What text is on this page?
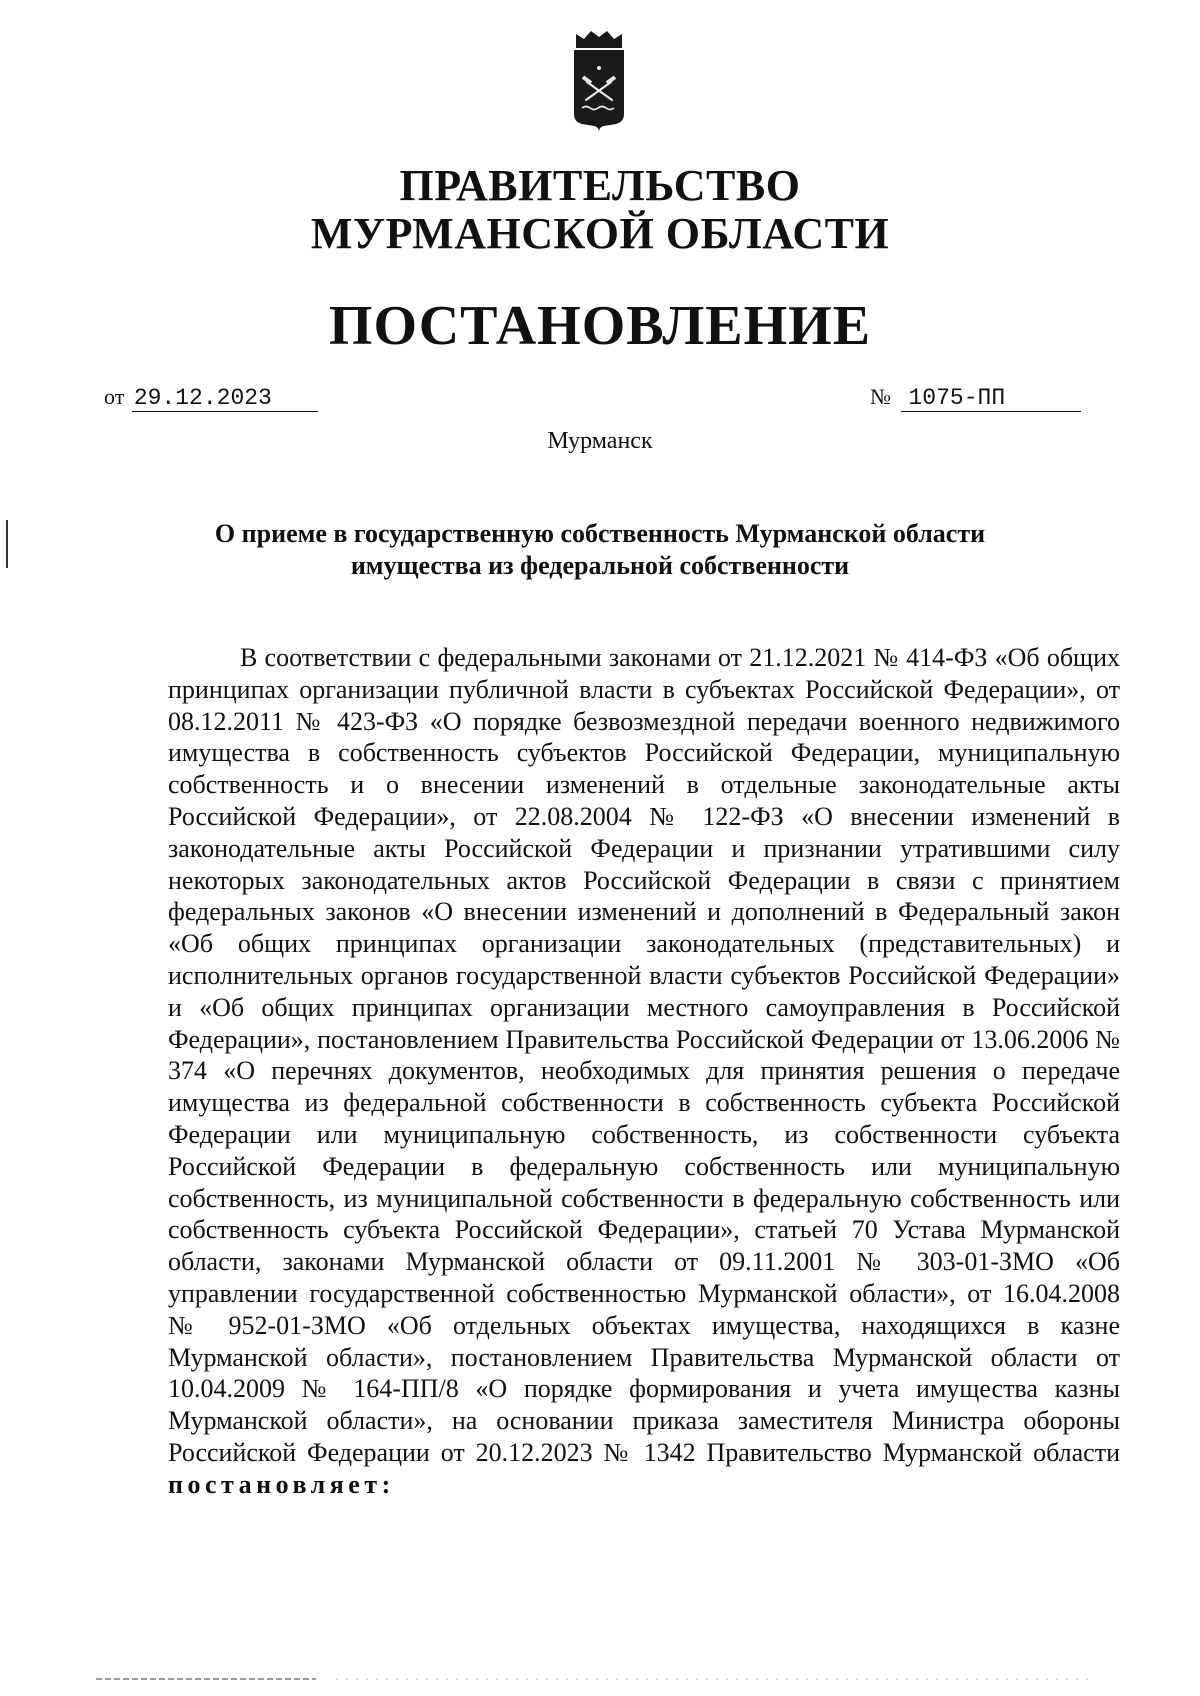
ПРАВИТЕЛЬСТВО
МУРМАНСКОЙ ОБЛАСТИ
ПОСТАНОВЛЕНИЕ
от 29.12.2023	№ 1075-ПП
Мурманск
О приеме в государственную собственность Мурманской области
имущества из федеральной собственности

В соответствии с федеральными законами от 21.12.2021 № 414-ФЗ «Об общих принципах организации публичной власти в субъектах Российской Федерации», от 08.12.2011 № 423-ФЗ «О порядке безвозмездной передачи военного недвижимого имущества в собственность субъектов Российской Федерации, муниципальную собственность и о внесении изменений в отдельные законодательные акты Российской Федерации», от 22.08.2004 № 122-ФЗ «О внесении изменений в законодательные акты Российской Федерации и признании утратившими силу некоторых законодательных актов Российской Федерации в связи с принятием федеральных законов «О внесении изменений и дополнений в Федеральный закон «Об общих принципах организации законодательных (представительных) и исполнительных органов государственной власти субъектов Российской Федерации» и «Об общих принципах организации местного самоуправления в Российской Федерации», постановлением Правительства Российской Федерации от 13.06.2006 № 374 «О перечнях документов, необходимых для принятия решения о передаче имущества из федеральной собственности в собственность субъекта Российской Федерации или муниципальную собственность, из собственности субъекта Российской Федерации в федеральную собственность или муниципальную собственность, из муниципальной собственности в федеральную собственность или собственность субъекта Российской Федерации», статьей 70 Устава Мурманской области, законами Мурманской области от 09.11.2001 № 303-01-ЗМО «Об управлении государственной собственностью Мурманской области», от 16.04.2008 № 952-01-ЗМО «Об отдельных объектах имущества, находящихся в казне Мурманской области», постановлением Правительства Мурманской области от 10.04.2009 № 164-ПП/8 «О порядке формирования и учета имущества казны Мурманской области», на основании приказа заместителя Министра обороны Российской Федерации от 20.12.2023 № 1342 Правительство Мурманской области постановляет:
